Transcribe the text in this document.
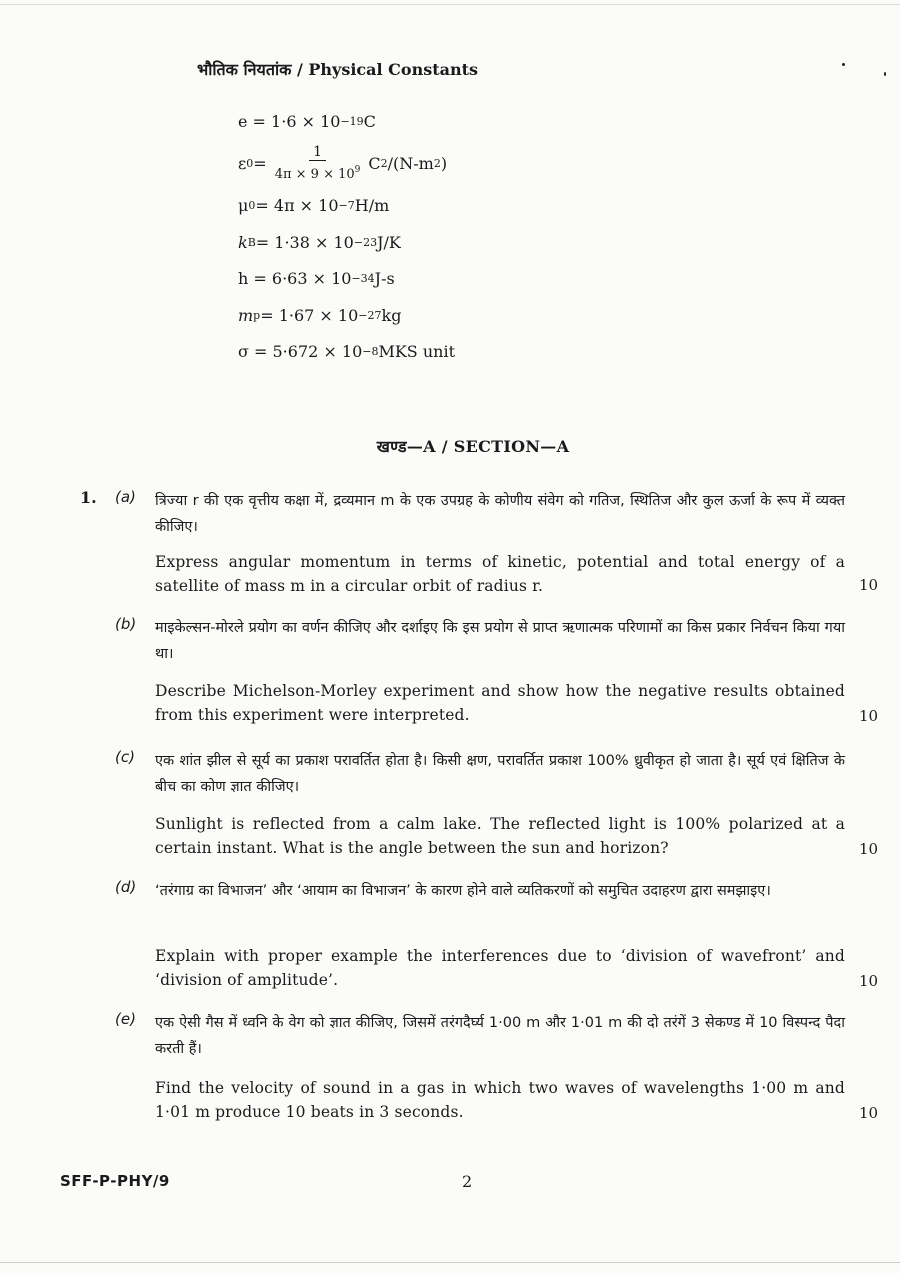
भौतिक नियतांक / Physical Constants
e = 1·6 × 10 −19 C
ε $0 = \frac{1}{4\pi \times 9 \times 10^9}$ C 2 /(N-m 2 )
μ 0 = 4π × 10 −7 H/m
k B = 1·38 × 10 −23 J/K
h = 6·63 × 10 −34 J-s
m p = 1·67 × 10 −27 kg
σ = 5·672 × 10 −8 MKS unit
खण्ड—A / SECTION—A
1. (a) त्रिज्या r की एक वृत्तीय कक्षा में, द्रव्यमान m के एक उपग्रह के कोणीय संवेग को गतिज, स्थितिज और कुल ऊर्जा के रूप में व्यक्त कीजिए।
Express angular momentum in terms of kinetic, potential and total energy of a satellite of mass m in a circular orbit of radius r.	10
(b) माइकेल्सन-मोरले प्रयोग का वर्णन कीजिए और दर्शाइए कि इस प्रयोग से प्राप्त ऋणात्मक परिणामों का किस प्रकार निर्वचन किया गया था।
Describe Michelson-Morley experiment and show how the negative results obtained from this experiment were interpreted.	10
(c) एक शांत झील से सूर्य का प्रकाश परावर्तित होता है। किसी क्षण, परावर्तित प्रकाश 100% ध्रुवीकृत हो जाता है। सूर्य एवं क्षितिज के बीच का कोण ज्ञात कीजिए।
Sunlight is reflected from a calm lake. The reflected light is 100% polarized at a certain instant. What is the angle between the sun and horizon?	10
(d) ‘तरंगाग्र का विभाजन’ और ‘आयाम का विभाजन’ के कारण होने वाले व्यतिकरणों को समुचित उदाहरण द्वारा समझाइए।
Explain with proper example the interferences due to ‘division of wavefront’ and ‘division of amplitude’.	10
(e) एक ऐसी गैस में ध्वनि के वेग को ज्ञात कीजिए, जिसमें तरंगदैर्घ्य 1·00 m और 1·01 m की दो तरंगें 3 सेकण्ड में 10 विस्पन्द पैदा करती हैं।
Find the velocity of sound in a gas in which two waves of wavelengths 1·00 m and 1·01 m produce 10 beats in 3 seconds.	10
SFF-P-PHY/9	2
